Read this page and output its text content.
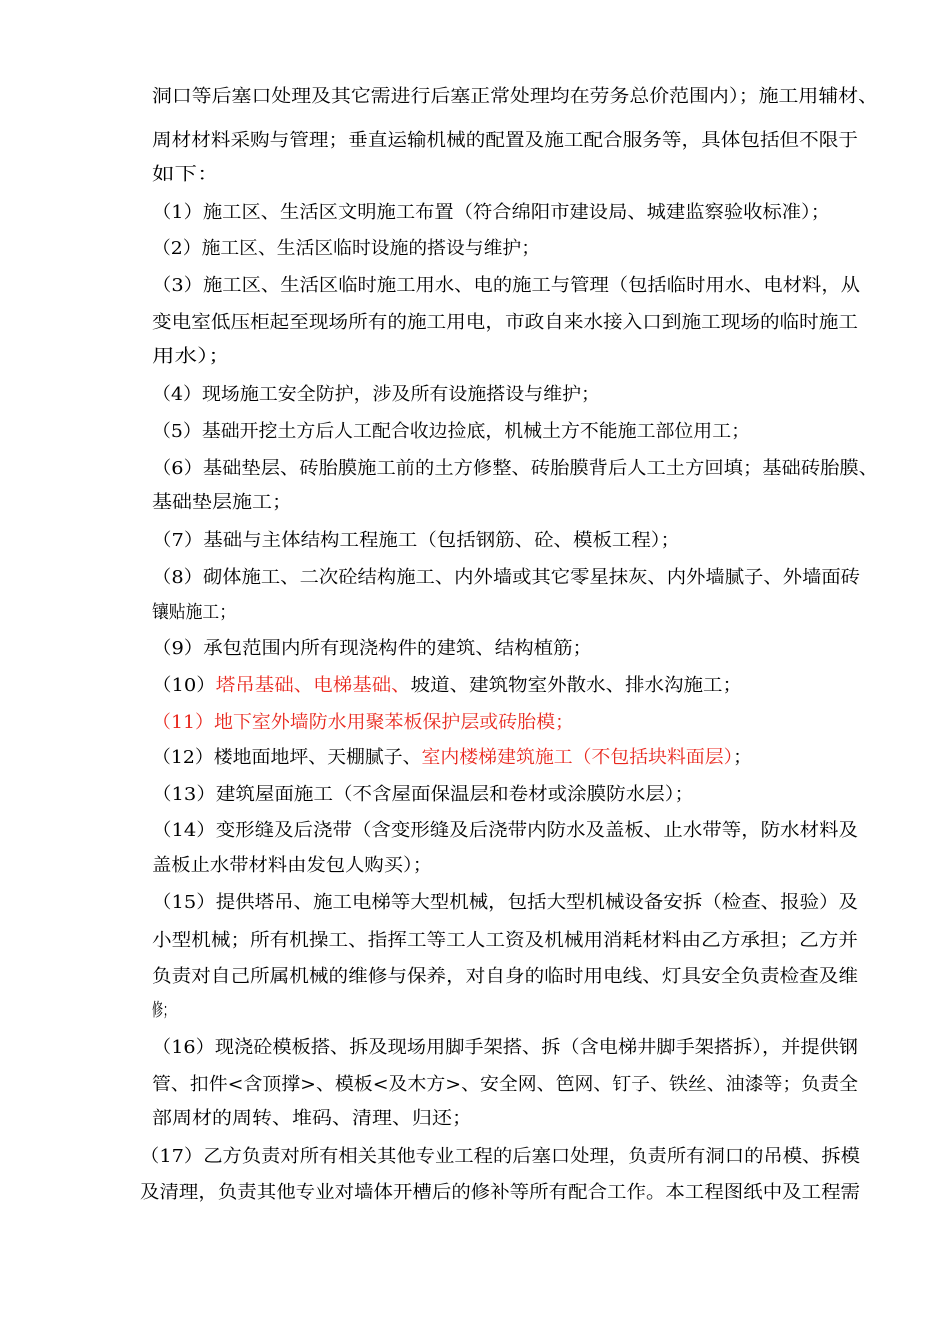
洞口等后塞口处理及其它需进行后塞正常处理均在劳务总价范围内）；施工用辅材、
周材材料采购与管理；垂直运输机械的配置及施工配合服务等，具体包括但不限于
如下：
（1）施工区、生活区文明施工布置（符合绵阳市建设局、城建监察验收标准）；
（2）施工区、生活区临时设施的搭设与维护；
（3）施工区、生活区临时施工用水、电的施工与管理（包括临时用水、电材料，从
变电室低压柜起至现场所有的施工用电，市政自来水接入口到施工现场的临时施工
用水）；
（4）现场施工安全防护，涉及所有设施搭设与维护；
（5）基础开挖土方后人工配合收边捡底，机械土方不能施工部位用工；
（6）基础垫层、砖胎膜施工前的土方修整、砖胎膜背后人工土方回填；基础砖胎膜、
基础垫层施工；
（7）基础与主体结构工程施工（包括钢筋、砼、模板工程）；
（8）砌体施工、二次砼结构施工、内外墙或其它零星抹灰、内外墙腻子、外墙面砖
镶贴施工；
（9）承包范围内所有现浇构件的建筑、结构植筋；
（10）塔吊基础、电梯基础、坡道、建筑物室外散水、排水沟施工；
（11）地下室外墙防水用聚苯板保护层或砖胎模；
（12）楼地面地坪、天棚腻子、室内楼梯建筑施工（不包括块料面层）；
（13）建筑屋面施工（不含屋面保温层和卷材或涂膜防水层）；
（14）变形缝及后浇带（含变形缝及后浇带内防水及盖板、止水带等，防水材料及
盖板止水带材料由发包人购买）；
（15）提供塔吊、施工电梯等大型机械，包括大型机械设备安拆（检查、报验）及
小型机械；所有机操工、指挥工等工人工资及机械用消耗材料由乙方承担；乙方并
负责对自己所属机械的维修与保养，对自身的临时用电线、灯具安全负责检查及维
修；
（16）现浇砼模板搭、拆及现场用脚手架搭、拆（含电梯井脚手架搭拆），并提供钢
管、扣件<含顶撑>、模板<及木方>、安全网、笆网、钉子、铁丝、油漆等；负责全
部周材的周转、堆码、清理、归还；
（17）乙方负责对所有相关其他专业工程的后塞口处理，负责所有洞口的吊模、拆模
及清理，负责其他专业对墙体开槽后的修补等所有配合工作。本工程图纸中及工程需
